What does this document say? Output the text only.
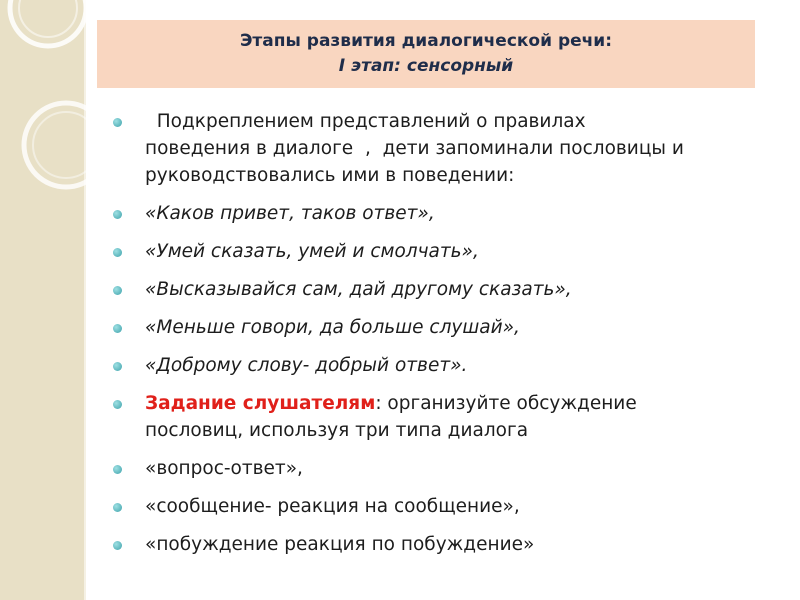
Этапы развития диалогической речи:
I этап: сенсорный
Подкреплением представлений о правилах поведения в диалоге  ,  дети запоминали пословицы и руководствовались ими в поведении:
«Каков привет, таков ответ»,
«Умей сказать, умей и смолчать»,
«Высказывайся сам, дай другому сказать»,
«Меньше говори, да больше слушай»,
«Доброму слову- добрый ответ».
Задание слушателям: организуйте обсуждение пословиц, используя три типа диалога
«вопрос-ответ»,
«сообщение- реакция на сообщение»,
«побуждение реакция по побуждение»
